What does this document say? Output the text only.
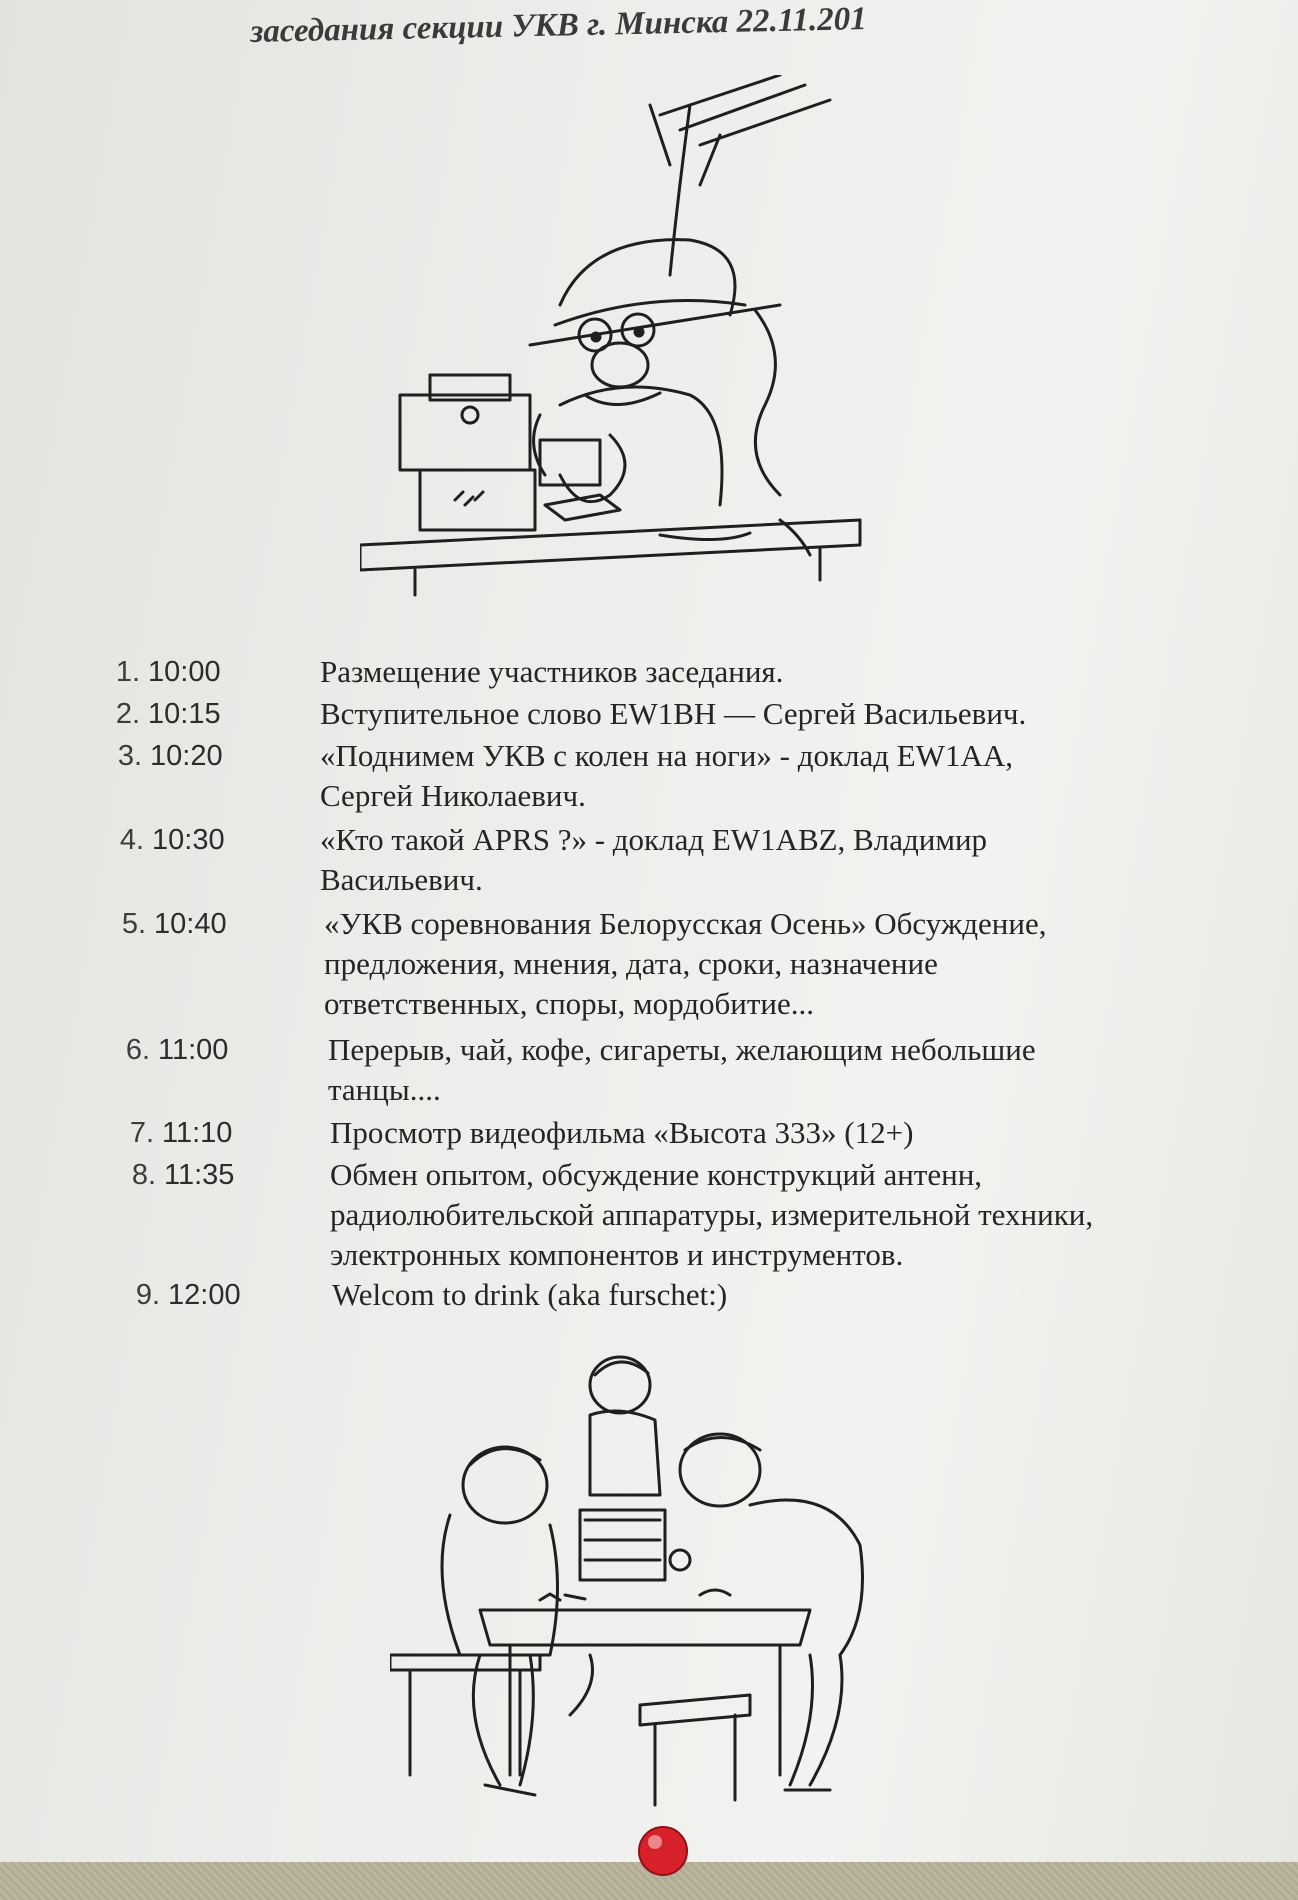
заседания секции УКВ г. Минска 22.11.201
1. 10:00	Размещение участников заседания.
2. 10:15	Вступительное слово EW1BH — Сергей Васильевич.
3. 10:20	«Поднимем УКВ с колен на ноги» - доклад EW1AA,
Сергей Николаевич.
4. 10:30	«Кто такой APRS ?» - доклад EW1ABZ, Владимир
Васильевич.
5. 10:40	«УКВ соревнования Белорусская Осень» Обсуждение,
предложения, мнения, дата, сроки, назначение
ответственных, споры, мордобитие...
6. 11:00	Перерыв, чай, кофе, сигареты, желающим небольшие
танцы....
7. 11:10	Просмотр видеофильма «Высота 333» (12+)
8. 11:35	Обмен опытом, обсуждение конструкций антенн,
радиолюбительской аппаратуры, измерительной техники,
электронных компонентов и инструментов.
9. 12:00	Welcom to drink (aka furschet:)
